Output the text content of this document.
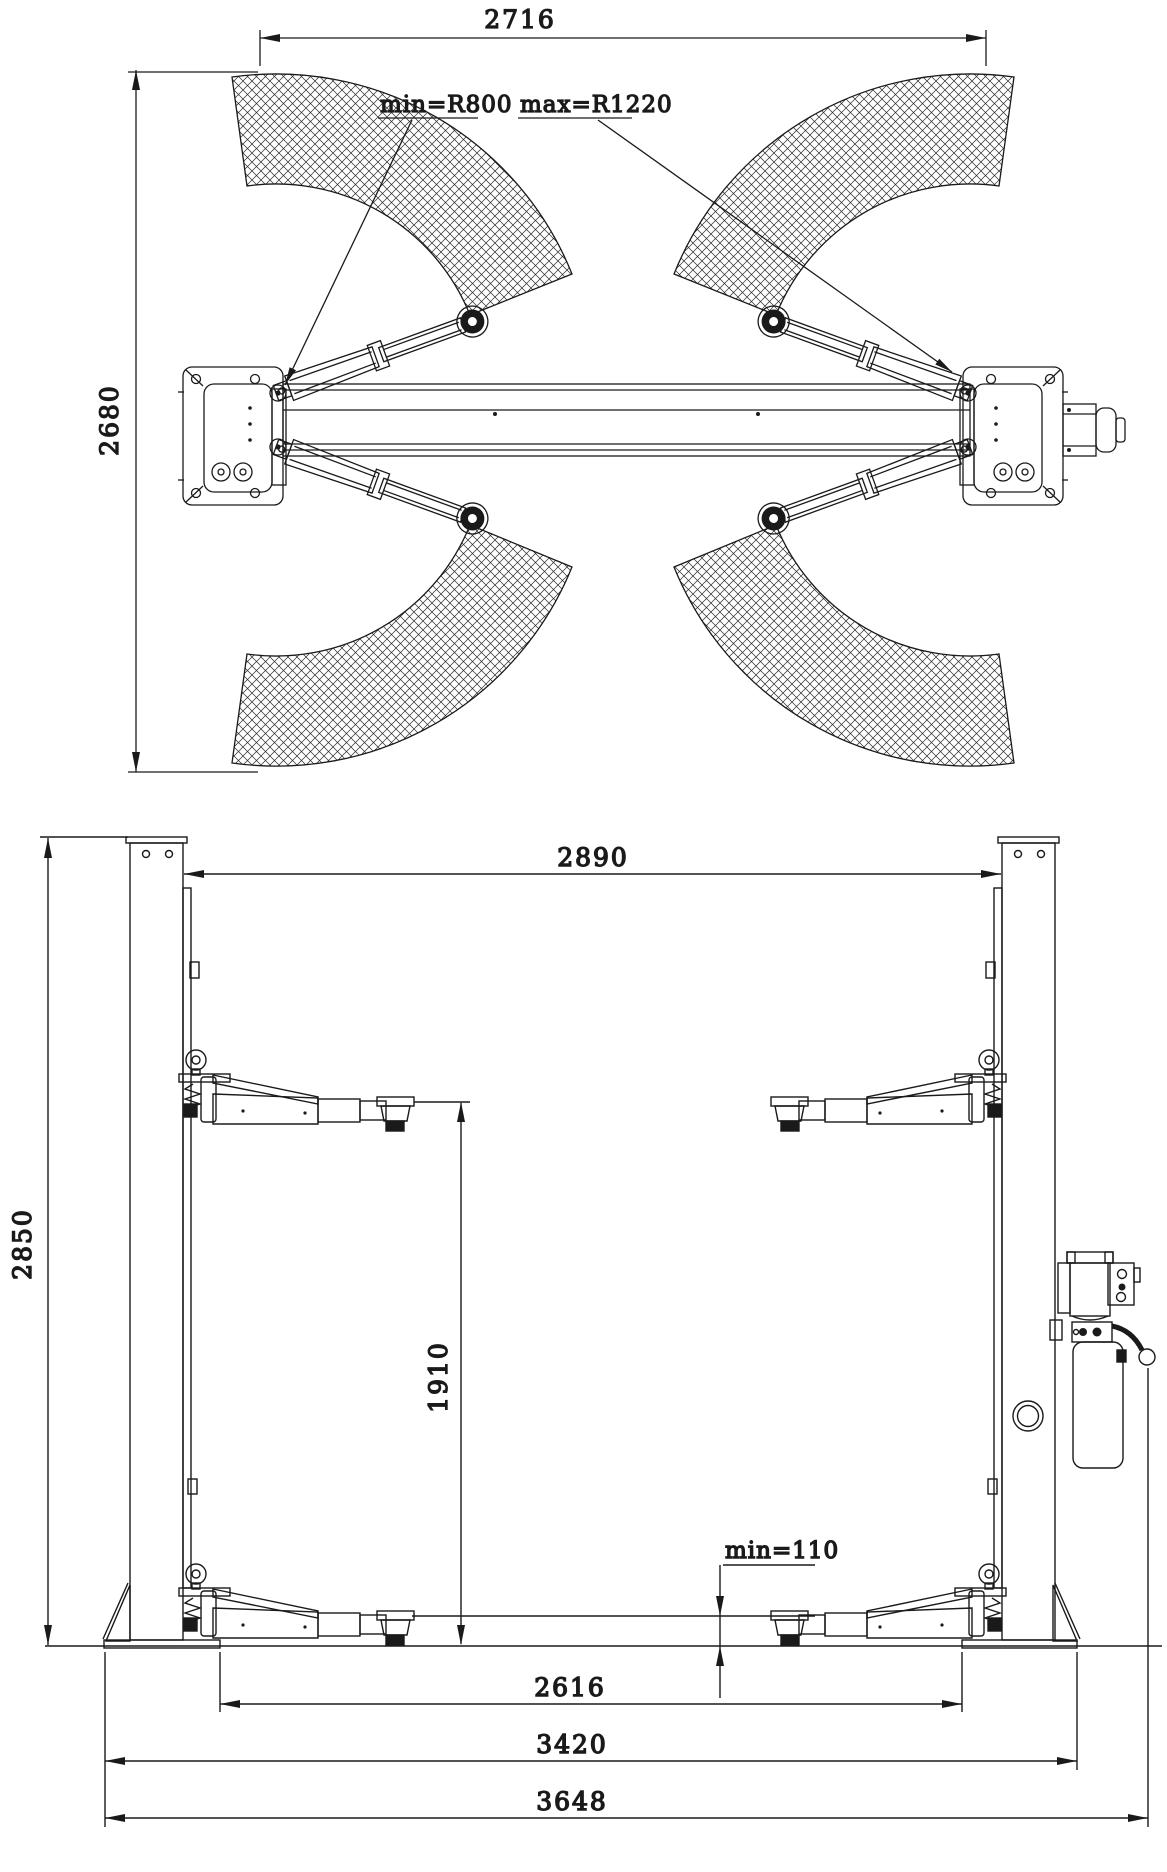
2716
2680
min=R800 max=R1220
2890
2850
1910
min=110
2616
3420
3648
